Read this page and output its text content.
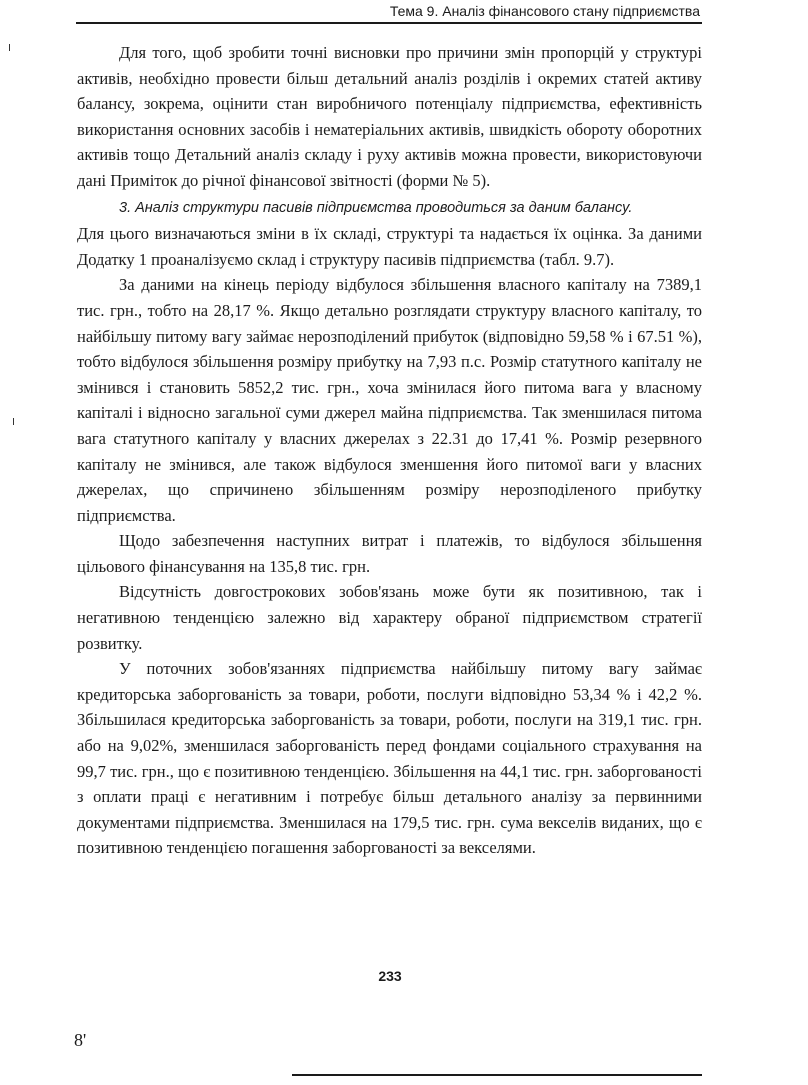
Тема 9. Аналіз фінансового стану підприємства

Для того, щоб зробити точні висновки про причини змін пропорцій у структурі активів, необхідно провести більш детальний аналіз розділів і окремих статей активу балансу, зокрема, оцінити стан виробничого потенціалу підприємства, ефективність використання основних засобів і нематеріальних активів, швидкість обороту оборотних активів тощо Детальний аналіз складу і руху активів можна провести, використовуючи дані Приміток до річної фінансової звітності (форми № 5).

3. Аналіз структури пасивів підприємства проводиться за даним балансу.

Для цього визначаються зміни в їх складі, структурі та надається їх оцінка. За даними Додатку 1 проаналізуємо склад і структуру пасивів підприємства (табл. 9.7).

За даними на кінець періоду відбулося збільшення власного капіталу на 7389,1 тис. грн., тобто на 28,17 %. Якщо детально розглядати структуру власного капіталу, то найбільшу питому вагу займає нерозподілений прибуток (відповідно 59,58 % і 67.51 %), тобто відбулося збільшення розміру прибутку на 7,93 п.с. Розмір статутного капіталу не змінився і становить 5852,2 тис. грн., хоча змінилася його питома вага у власному капіталі і відносно загальної суми джерел майна підприємства. Так зменшилася питома вага статутного капіталу у власних джерелах з 22.31 до 17,41 %. Розмір резервного капіталу не змінився, але також відбулося зменшення його питомої ваги у власних джерелах, що спричинено збільшенням розміру нерозподіленого прибутку підприємства.

Щодо забезпечення наступних витрат і платежів, то відбулося збільшення цільового фінансування на 135,8 тис. грн.

Відсутність довгострокових зобов'язань може бути як позитивною, так і негативною тенденцією залежно від характеру обраної підприємством стратегії розвитку.

У поточних зобов'язаннях підприємства найбільшу питому вагу займає кредиторська заборгованість за товари, роботи, послуги відповідно 53,34 % і 42,2 %. Збільшилася кредиторська заборгованість за товари, роботи, послуги на 319,1 тис. грн. або на 9,02%, зменшилася заборгованість перед фондами соціального страхування на 99,7 тис. грн., що є позитивною тенденцією. Збільшення на 44,1 тис. грн. заборгованості з оплати праці є негативним і потребує більш детального аналізу за первинними документами підприємства. Зменшилася на 179,5 тис. грн. сума векселів виданих, що є позитивною тенденцією погашення заборгованості за векселями.

233
8'
